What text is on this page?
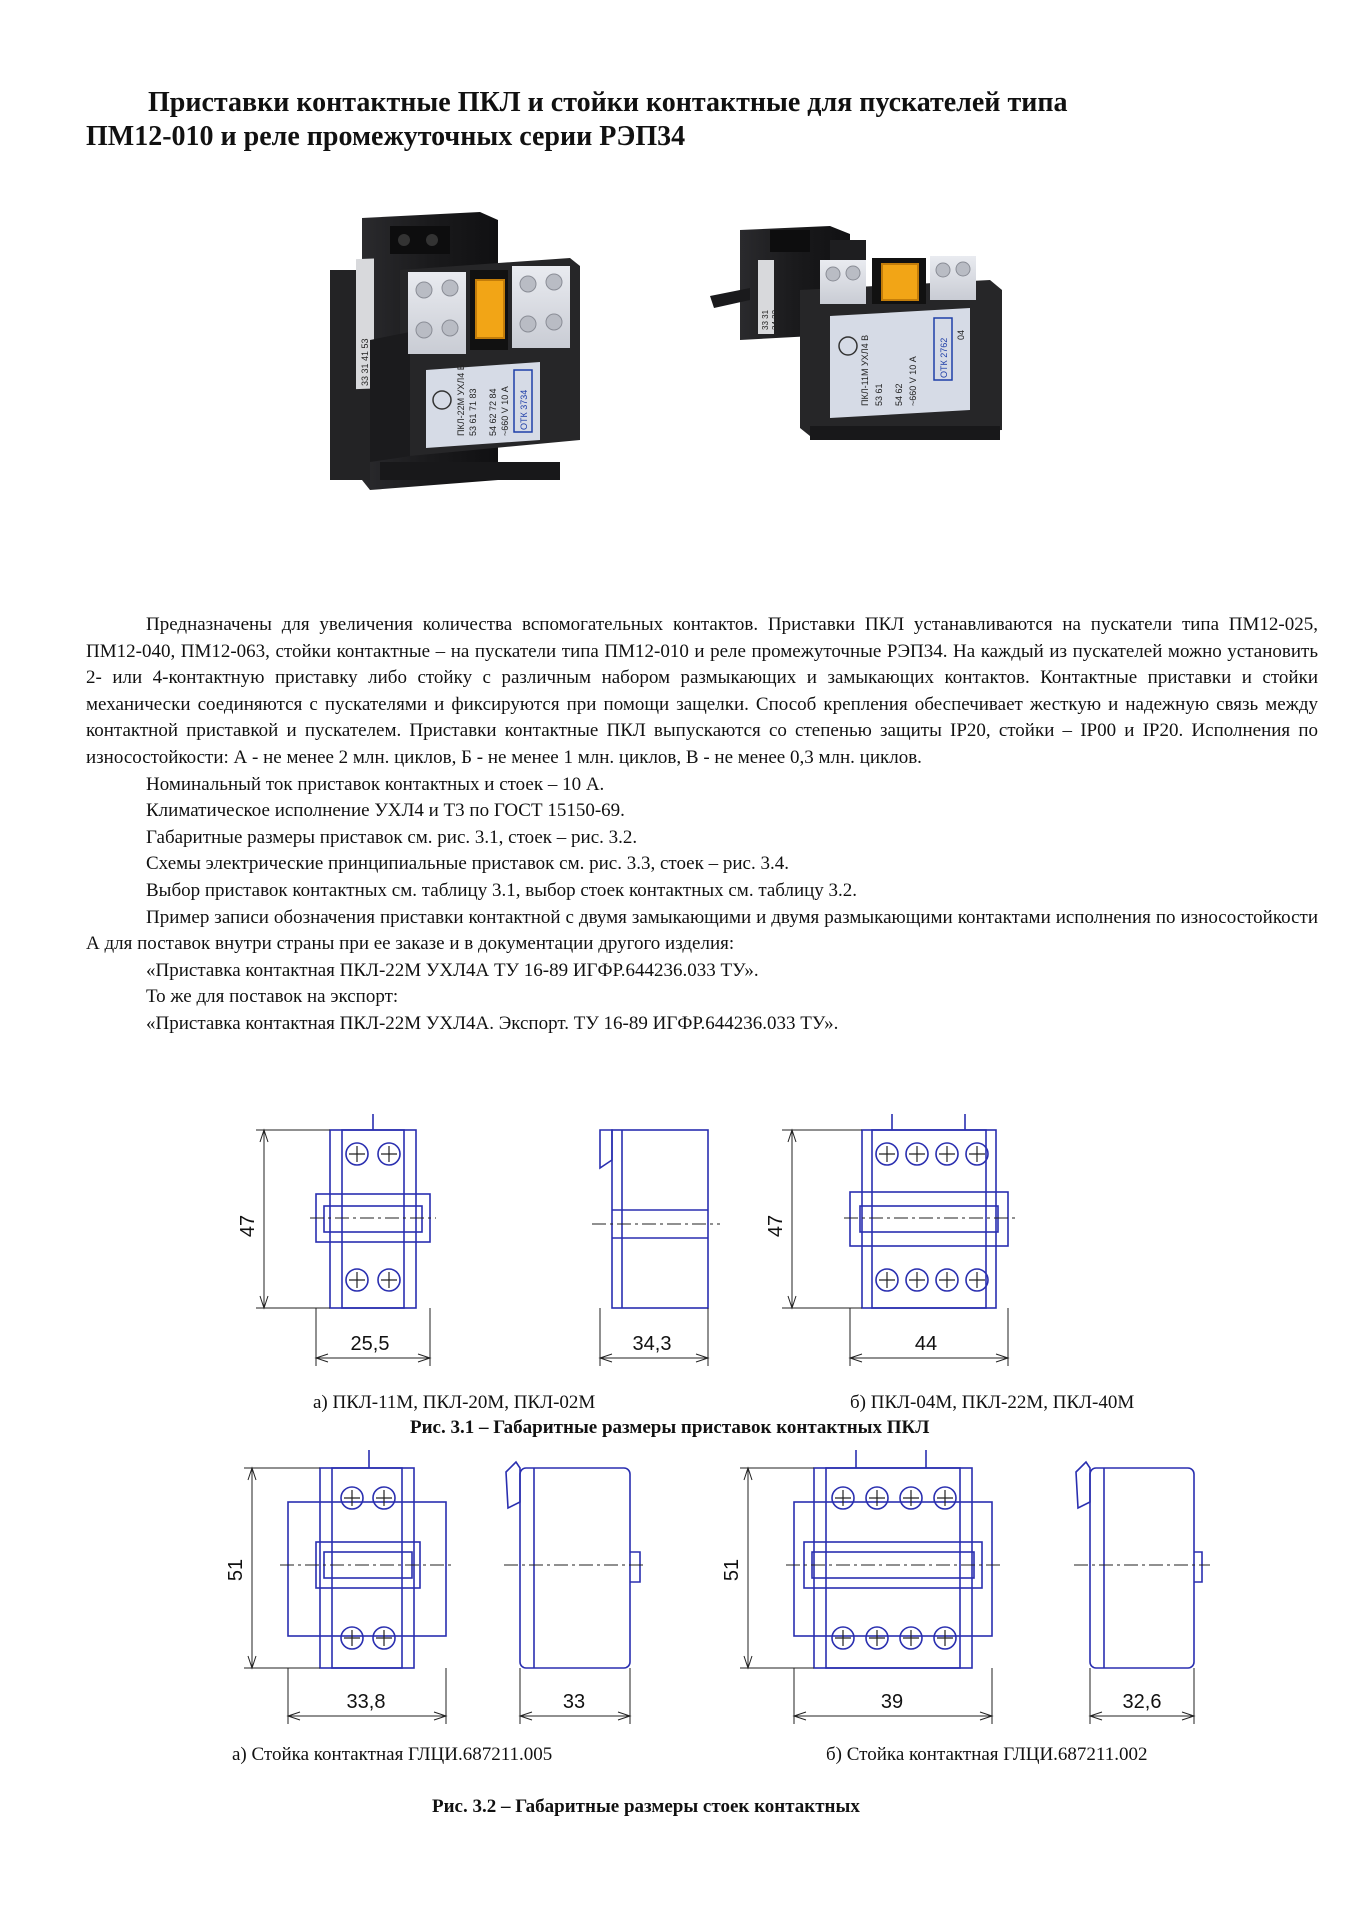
Приставки контактные ПКЛ и стойки контактные для пускателей типа
ПМ12-010 и реле промежуточных серии РЭП34
33 31 41 53
ПКЛ-22М УХЛ4 Б 53 61 71 83 54 62 72 84 ~660 V 10 А ОТК 3734
33 31 34 32
ПКЛ-11М УХЛ4 В 53 61 54 62 ~660 V 10 А ОТК 2762
04

Предназначены для увеличения количества вспомогательных контактов. Приставки ПКЛ устанавливаются на пускатели типа ПМ12-025, ПМ12-040, ПМ12-063, стойки контактные – на пускатели типа ПМ12-010 и реле промежуточные РЭП34. На каждый из пускателей можно установить 2- или 4-контактную приставку либо стойку с различным набором размыкающих и замыкающих контактов. Контактные приставки и стойки механически соединяются с пускателями и фиксируются при помощи защелки. Способ крепления обеспечивает жесткую и надежную связь между контактной приставкой и пускателем. Приставки контактные ПКЛ выпускаются со степенью защиты IP20, стойки – IP00 и IP20. Исполнения по износостойкости: А - не менее 2 млн. циклов, Б - не менее 1 млн. циклов, В - не менее 0,3 млн. циклов.

Номинальный ток приставок контактных и стоек – 10 А.

Климатическое исполнение УХЛ4 и Т3 по ГОСТ 15150-69.

Габаритные размеры приставок см. рис. 3.1, стоек – рис. 3.2.

Схемы электрические принципиальные приставок см. рис. 3.3, стоек – рис. 3.4.

Выбор приставок контактных см. таблицу 3.1, выбор стоек контактных см. таблицу 3.2.

Пример записи обозначения приставки контактной с двумя замыкающими и двумя размыкающими контактами исполнения по износостойкости А для поставок внутри страны при ее заказе и в документации другого изделия:

«Приставка контактная ПКЛ-22М УХЛ4А ТУ 16-89 ИГФР.644236.033 ТУ».

То же для поставок на экспорт:

«Приставка контактная ПКЛ-22М УХЛ4А. Экспорт. ТУ 16-89 ИГФР.644236.033 ТУ».

47
25,5	34,3
47
44
а) ПКЛ-11М, ПКЛ-20М, ПКЛ-02М	б) ПКЛ-04М, ПКЛ-22М, ПКЛ-40М
Рис. 3.1 – Габаритные размеры приставок контактных ПКЛ
51
33,8	33
51
39	32,6
а) Стойка контактная ГЛЦИ.687211.005	б) Стойка контактная ГЛЦИ.687211.002
Рис. 3.2 – Габаритные размеры стоек контактных
